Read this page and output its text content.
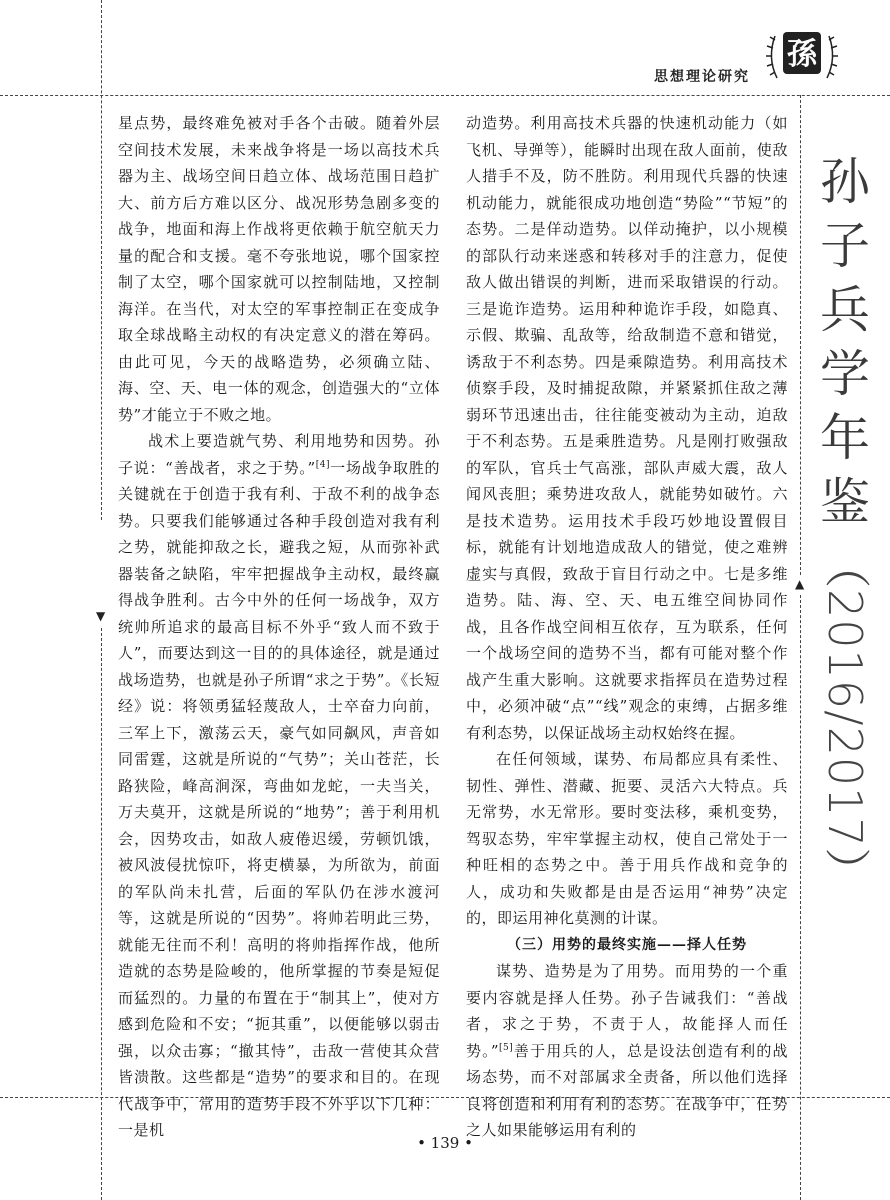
▼
▲
思想理论研究
孫
孙
子
兵
学
年
鉴
（2016/2017）

星点势，最终难免被对手各个击破。随着外层空间技术发展，未来战争将是一场以高技术兵器为主、战场空间日趋立体、战场范围日趋扩大、前方后方难以区分、战况形势急剧多变的战争，地面和海上作战将更依赖于航空航天力量的配合和支援。毫不夸张地说，哪个国家控制了太空，哪个国家就可以控制陆地，又控制海洋。在当代，对太空的军事控制正在变成争取全球战略主动权的有决定意义的潜在筹码。由此可见，今天的战略造势，必须确立陆、海、空、天、电一体的观念，创造强大的“立体势”才能立于不败之地。

战术上要造就气势、利用地势和因势。孙子说：“善战者，求之于势。”[4]一场战争取胜的关键就在于创造于我有利、于敌不利的战争态势。只要我们能够通过各种手段创造对我有利之势，就能抑敌之长，避我之短，从而弥补武器装备之缺陷，牢牢把握战争主动权，最终赢得战争胜利。古今中外的任何一场战争，双方统帅所追求的最高目标不外乎“致人而不致于人”，而要达到这一目的的具体途径，就是通过战场造势，也就是孙子所谓“求之于势”。《长短经》说：将领勇猛轻蔑敌人，士卒奋力向前，三军上下，激荡云天，豪气如同飙风，声音如同雷霆，这就是所说的“气势”；关山苍茫，长路狭险，峰高涧深，弯曲如龙蛇，一夫当关，万夫莫开，这就是所说的“地势”；善于利用机会，因势攻击，如敌人疲倦迟缓，劳顿饥饿，被风波侵扰惊吓，将吏横暴，为所欲为，前面的军队尚未扎营，后面的军队仍在涉水渡河等，这就是所说的“因势”。将帅若明此三势，就能无往而不利！高明的将帅指挥作战，他所造就的态势是险峻的，他所掌握的节奏是短促而猛烈的。力量的布置在于“制其上”，使对方感到危险和不安；“扼其重”，以便能够以弱击强，以众击寡；“撤其恃”，击敌一营使其众营皆溃散。这些都是“造势”的要求和目的。在现代战争中，常用的造势手段不外乎以下几种：一是机

动造势。利用高技术兵器的快速机动能力（如飞机、导弹等），能瞬时出现在敌人面前，使敌人措手不及，防不胜防。利用现代兵器的快速机动能力，就能很成功地创造“势险”“节短”的态势。二是佯动造势。以佯动掩护，以小规模的部队行动来迷惑和转移对手的注意力，促使敌人做出错误的判断，进而采取错误的行动。三是诡诈造势。运用种种诡诈手段，如隐真、示假、欺骗、乱敌等，给敌制造不意和错觉，诱敌于不利态势。四是乘隙造势。利用高技术侦察手段，及时捕捉敌隙，并紧紧抓住敌之薄弱环节迅速出击，往往能变被动为主动，迫敌于不利态势。五是乘胜造势。凡是刚打败强敌的军队，官兵士气高涨，部队声威大震，敌人闻风丧胆；乘势进攻敌人，就能势如破竹。六是技术造势。运用技术手段巧妙地设置假目标，就能有计划地造成敌人的错觉，使之难辨虚实与真假，致敌于盲目行动之中。七是多维造势。陆、海、空、天、电五维空间协同作战，且各作战空间相互依存，互为联系，任何一个战场空间的造势不当，都有可能对整个作战产生重大影响。这就要求指挥员在造势过程中，必须冲破“点”“线”观念的束缚，占据多维有利态势，以保证战场主动权始终在握。

在任何领域，谋势、布局都应具有柔性、韧性、弹性、潜藏、扼要、灵活六大特点。兵无常势，水无常形。要时变法移，乘机变势，驾驭态势，牢牢掌握主动权，使自己常处于一种旺相的态势之中。善于用兵作战和竞争的人，成功和失败都是由是否运用“神势”决定的，即运用神化莫测的计谋。

（三）用势的最终实施——择人任势

谋势、造势是为了用势。而用势的一个重要内容就是择人任势。孙子告诫我们：“善战者，求之于势，不责于人，故能择人而任势。”[5]善于用兵的人，总是设法创造有利的战场态势，而不对部属求全责备，所以他们选择良将创造和利用有利的态势。在战争中，任势之人如果能够运用有利的

• 139 •
